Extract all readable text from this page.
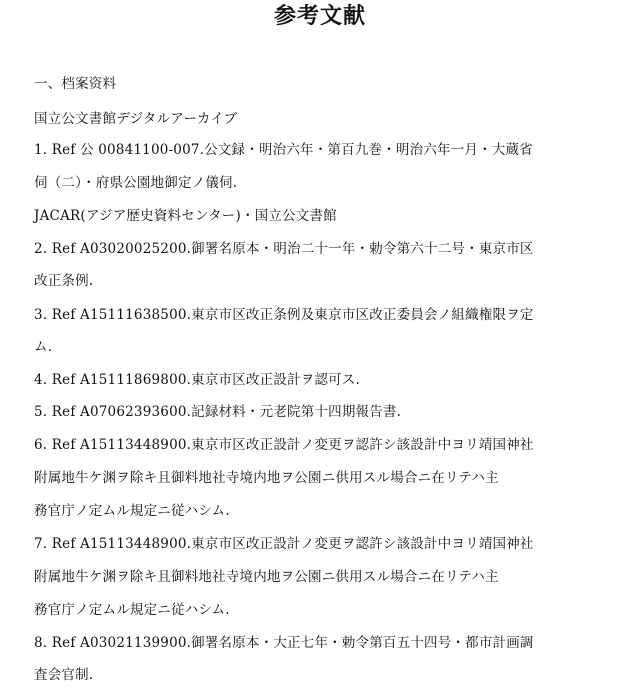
参考文献
一、档案资料
国立公文書館デジタルアーカイブ
1. Ref 公 00841100-007.公文録・明治六年・第百九巻・明治六年一月・大蔵省
伺（二）・府県公園地御定ノ儀伺.
JACAR(アジア歴史資料センター)・国立公文書館
2. Ref A03020025200.御署名原本・明治二十一年・勅令第六十二号・東京市区
改正条例.
3. Ref A15111638500.東京市区改正条例及東京市区改正委員会ノ組織権限ヲ定
ム.
4. Ref A15111869800.東京市区改正設計ヲ認可ス.
5. Ref A07062393600.記録材料・元老院第十四期報告書.
6. Ref A15113448900.東京市区改正設計ノ変更ヲ認許シ該設計中ヨリ靖国神社
附属地牛ケ渊ヲ除キ且御料地社寺境内地ヲ公園ニ供用スル場合ニ在リテハ主
務官庁ノ定ムル規定ニ従ハシム.
7. Ref A15113448900.東京市区改正設計ノ変更ヲ認許シ該設計中ヨリ靖国神社
附属地牛ケ渊ヲ除キ且御料地社寺境内地ヲ公園ニ供用スル場合ニ在リテハ主
務官庁ノ定ムル規定ニ従ハシム.
8. Ref A03021139900.御署名原本・大正七年・勅令第百五十四号・都市計画調
査会官制.
